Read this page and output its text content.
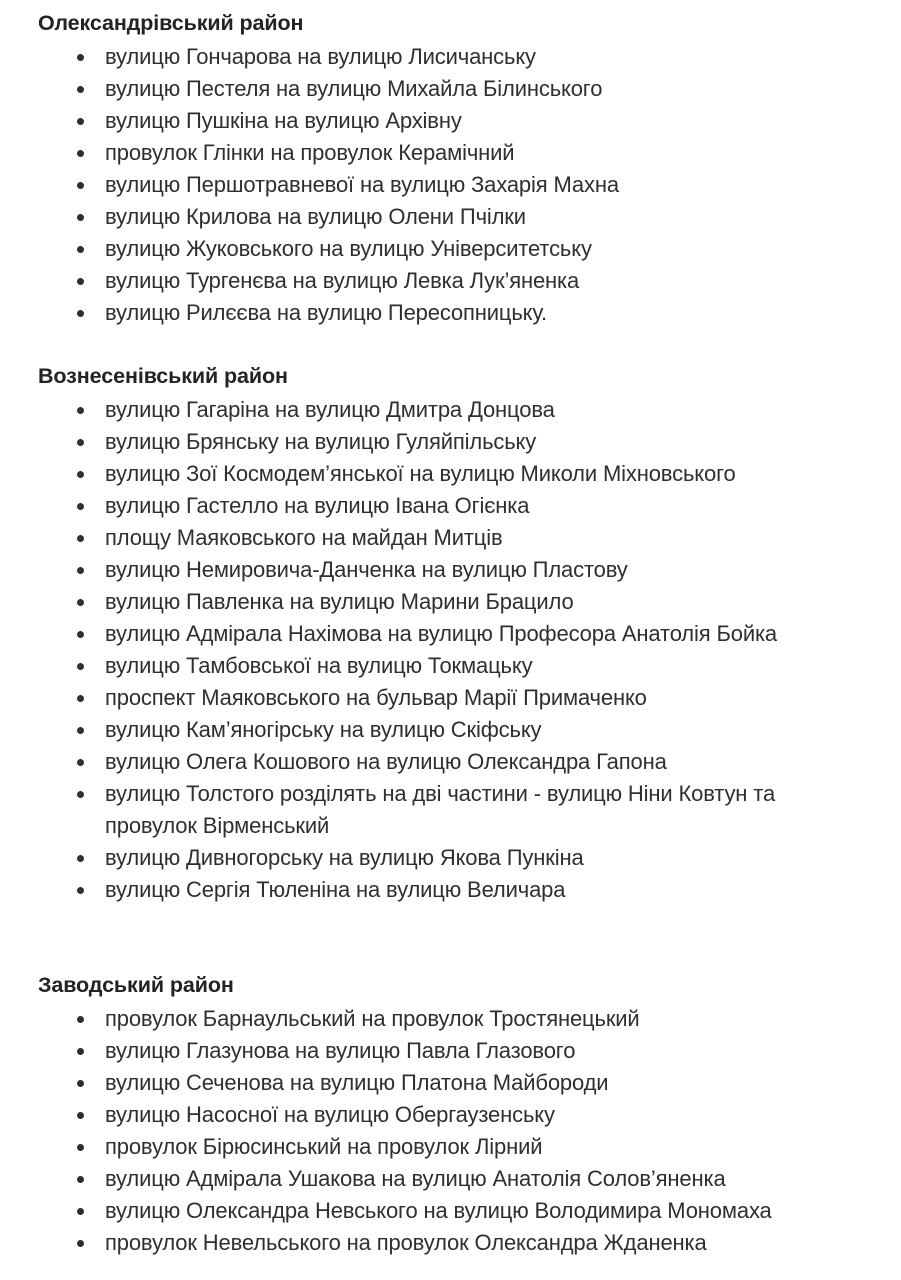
Олександрівський район
вулицю Гончарова на вулицю Лисичанську
вулицю Пестеля на вулицю Михайла Білинського
вулицю Пушкіна на вулицю Архівну
провулок Глінки на провулок Керамічний
вулицю Першотравневої на вулицю Захарія Махна
вулицю Крилова на вулицю Олени Пчілки
вулицю Жуковського на вулицю Університетську
вулицю Тургенєва на вулицю Левка Лук’яненка
вулицю Рилєєва на вулицю Пересопницьку.
Вознесенівський район
вулицю Гагаріна на вулицю Дмитра Донцова
вулицю Брянську на вулицю Гуляйпільську
вулицю Зої Космодем’янської на вулицю Миколи Міхновського
вулицю Гастелло на вулицю Івана Огієнка
площу Маяковського на майдан Митців
вулицю Немировича-Данченка на вулицю Пластову
вулицю Павленка на вулицю Марини Брацило
вулицю Адмірала Нахімова на вулицю Професора Анатолія Бойка
вулицю Тамбовської на вулицю Токмацьку
проспект Маяковського на бульвар Марії Примаченко
вулицю Кам’яногірську на вулицю Скіфську
вулицю Олега Кошового на вулицю Олександра Гапона
вулицю Толстого розділять на дві частини - вулицю Ніни Ковтун та провулок Вірменський
вулицю Дивногорську на вулицю Якова Пункіна
вулицю Сергія Тюленіна на вулицю Величара
Заводський район
провулок Барнаульський на провулок Тростянецький
вулицю Глазунова на вулицю Павла Глазового
вулицю Сеченова на вулицю Платона Майбороди
вулицю Насосної на вулицю Обергаузенську
провулок Бірюсинський на провулок Лірний
вулицю Адмірала Ушакова на вулицю Анатолія Солов’яненка
вулицю Олександра Невського на вулицю Володимира Мономаха
провулок Невельського на провулок Олександра Жданенка
